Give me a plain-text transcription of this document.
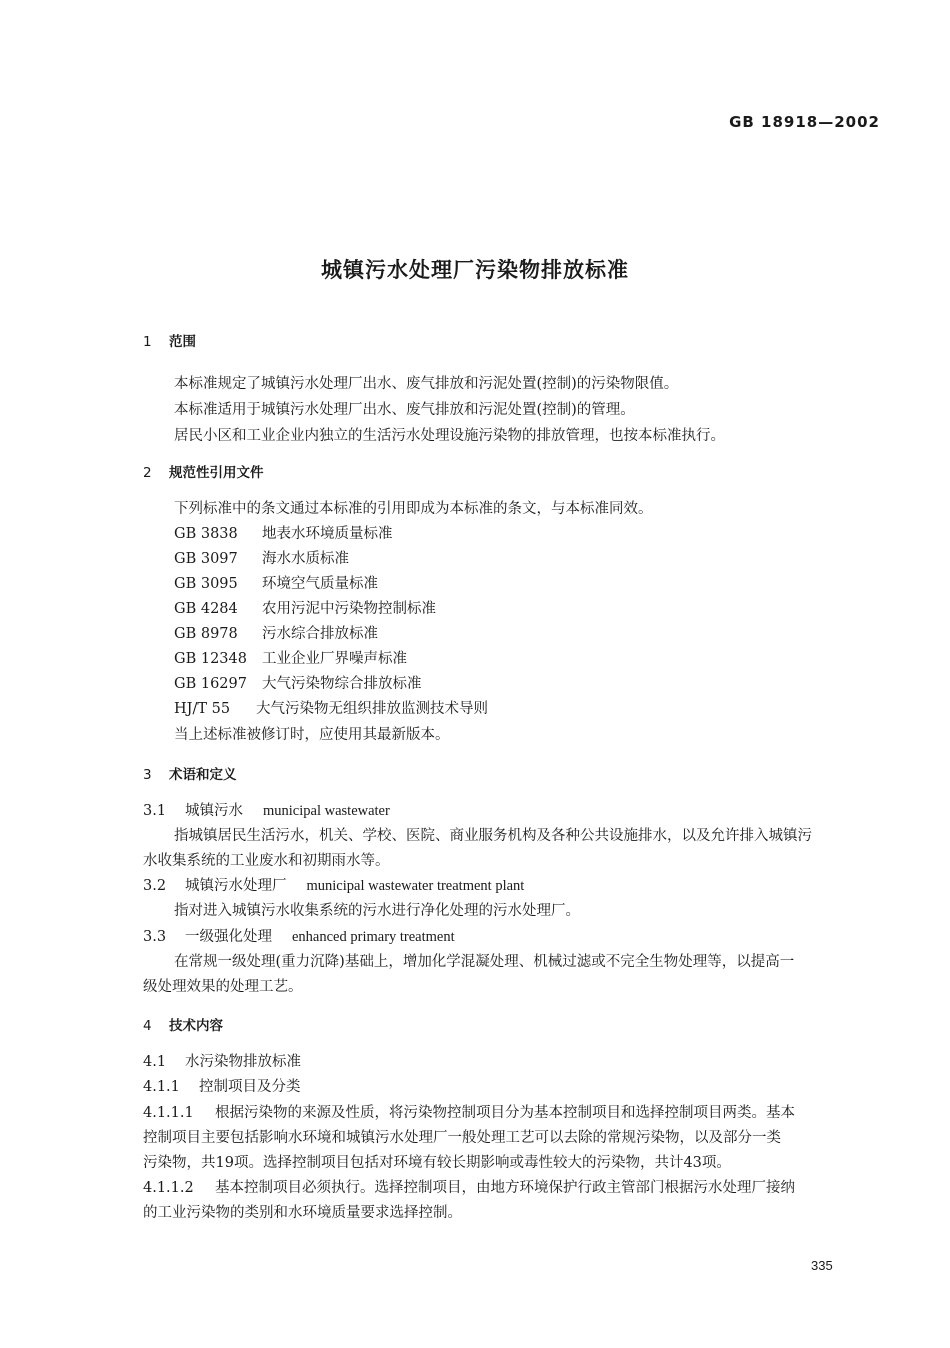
GB 18918—2002
城镇污水处理厂污染物排放标准
1 范围
本标准规定了城镇污水处理厂出水、废气排放和污泥处置(控制)的污染物限值。
本标准适用于城镇污水处理厂出水、废气排放和污泥处置(控制)的管理。
居民小区和工业企业内独立的生活污水处理设施污染物的排放管理，也按本标准执行。
2 规范性引用文件
下列标准中的条文通过本标准的引用即成为本标准的条文，与本标准同效。
GB 3838 地表水环境质量标准
GB 3097 海水水质标准
GB 3095 环境空气质量标准
GB 4284 农用污泥中污染物控制标准
GB 8978 污水综合排放标准
GB 12348 工业企业厂界噪声标准
GB 16297 大气污染物综合排放标准
HJ/T 55 大气污染物无组织排放监测技术导则
当上述标准被修订时，应使用其最新版本。
3 术语和定义
3.1 城镇污水 municipal wastewater
指城镇居民生活污水，机关、学校、医院、商业服务机构及各种公共设施排水，以及允许排入城镇污
水收集系统的工业废水和初期雨水等。
3.2 城镇污水处理厂 municipal wastewater treatment plant
指对进入城镇污水收集系统的污水进行净化处理的污水处理厂。
3.3 一级强化处理 enhanced primary treatment
在常规一级处理(重力沉降)基础上，增加化学混凝处理、机械过滤或不完全生物处理等，以提高一
级处理效果的处理工艺。
4 技术内容
4.1 水污染物排放标准
4.1.1 控制项目及分类
4.1.1.1 根据污染物的来源及性质，将污染物控制项目分为基本控制项目和选择控制项目两类。基本
控制项目主要包括影响水环境和城镇污水处理厂一般处理工艺可以去除的常规污染物，以及部分一类
污染物，共19项。选择控制项目包括对环境有较长期影响或毒性较大的污染物，共计43项。
4.1.1.2 基本控制项目必须执行。选择控制项目，由地方环境保护行政主管部门根据污水处理厂接纳
的工业污染物的类别和水环境质量要求选择控制。
335
